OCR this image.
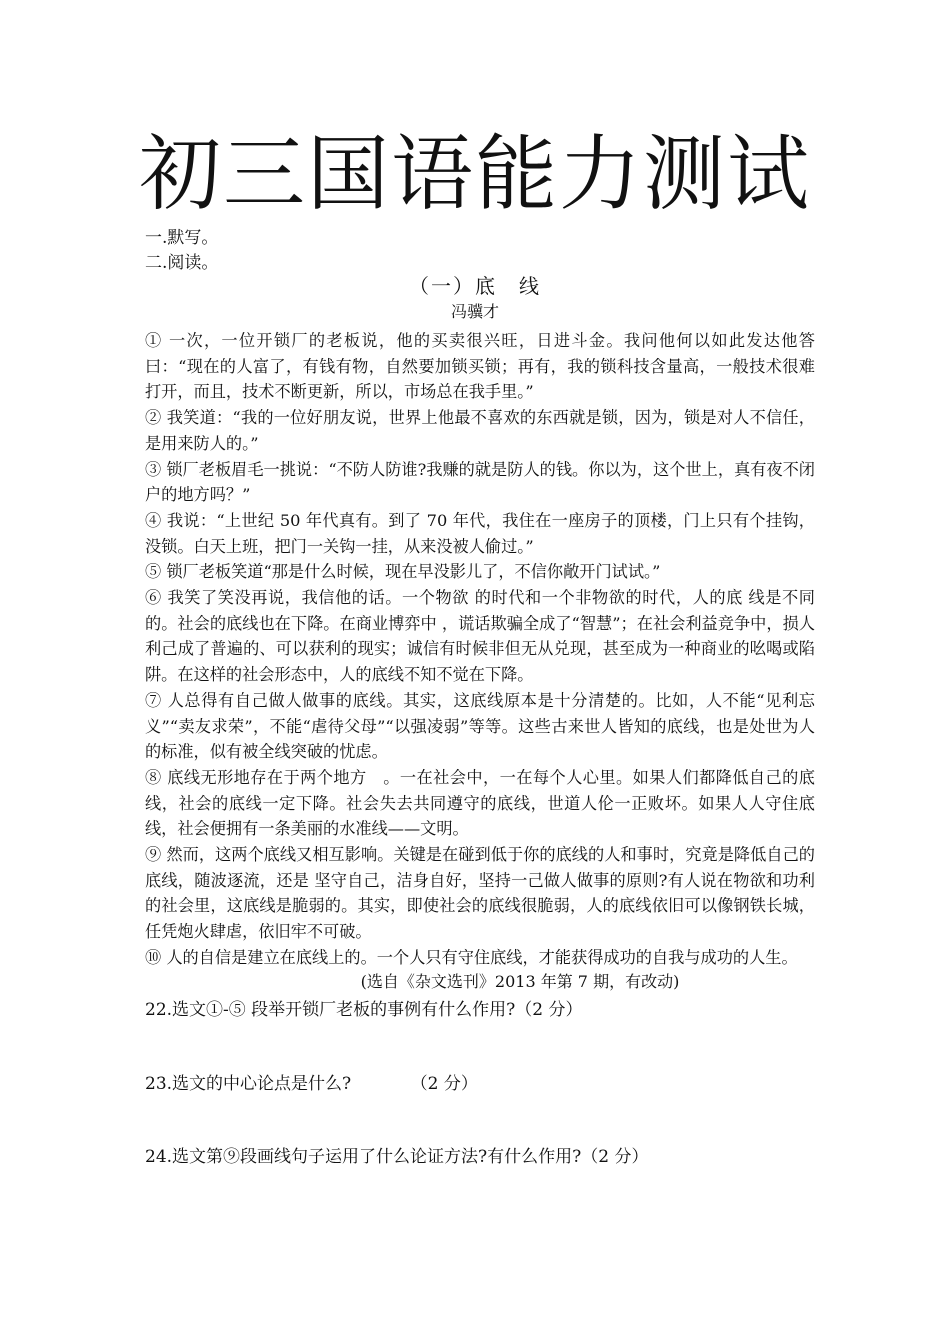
初三国语能力测试
一.默写。
二.阅读。
（一）底　线
冯骥才

① 一次，一位开锁厂的老板说，他的买卖很兴旺，日进斗金。我问他何以如此发达他答曰：“现在的人富了，有钱有物，自然要加锁买锁；再有，我的锁科技含量高，一般技术很难打开，而且，技术不断更新，所以，市场总在我手里。”

② 我笑道：“我的一位好朋友说，世界上他最不喜欢的东西就是锁，因为，锁是对人不信任，是用来防人的。”

③ 锁厂老板眉毛一挑说：“不防人防谁?我赚的就是防人的钱。你以为，这个世上，真有夜不闭户的地方吗？”

④ 我说：“上世纪 50 年代真有。到了 70 年代，我住在一座房子的顶楼，门上只有个挂钩，没锁。白天上班，把门一关钩一挂，从来没被人偷过。”

⑤ 锁厂老板笑道“那是什么时候，现在早没影儿了，不信你敞开门试试。”

⑥ 我笑了笑没再说，我信他的话。一个物欲 的时代和一个非物欲的时代，人的底 线是不同的。社会的底线也在下降。在商业博弈中 ，谎话欺骗全成了“智慧”；在社会利益竞争中，损人利己成了普遍的、可以获利的现实；诚信有时候非但无从兑现，甚至成为一种商业的吆喝或陷阱。在这样的社会形态中，人的底线不知不觉在下降。

⑦ 人总得有自己做人做事的底线。其实，这底线原本是十分清楚的。比如，人不能“见利忘义”“卖友求荣”，不能“虐待父母”“以强凌弱”等等。这些古来世人皆知的底线，也是处世为人的标准，似有被全线突破的忧虑。

⑧ 底线无形地存在于两个地方　。一在社会中，一在每个人心里。如果人们都降低自己的底线，社会的底线一定下降。社会失去共同遵守的底线，世道人伦一正败坏。如果人人守住底线，社会便拥有一条美丽的水准线——文明。

⑨ 然而，这两个底线又相互影响。关键是在碰到低于你的底线的人和事时，究竟是降低自己的底线，随波逐流，还是 坚守自己，洁身自好，坚持一己做人做事的原则?有人说在物欲和功利的社会里，这底线是脆弱的。其实，即使社会的底线很脆弱，人的底线依旧可以像钢铁长城，任凭炮火肆虐，依旧牢不可破。

⑩ 人的自信是建立在底线上的。一个人只有守住底线，才能获得成功的自我与成功的人生。

(选自《杂文选刊》2013 年第 7 期，有改动)
22.选文①-⑤ 段举开锁厂老板的事例有什么作用?（2 分）
23.选文的中心论点是什么?　　　　（2 分）
24.选文第⑨段画线句子运用了什么论证方法?有什么作用?（2 分）
